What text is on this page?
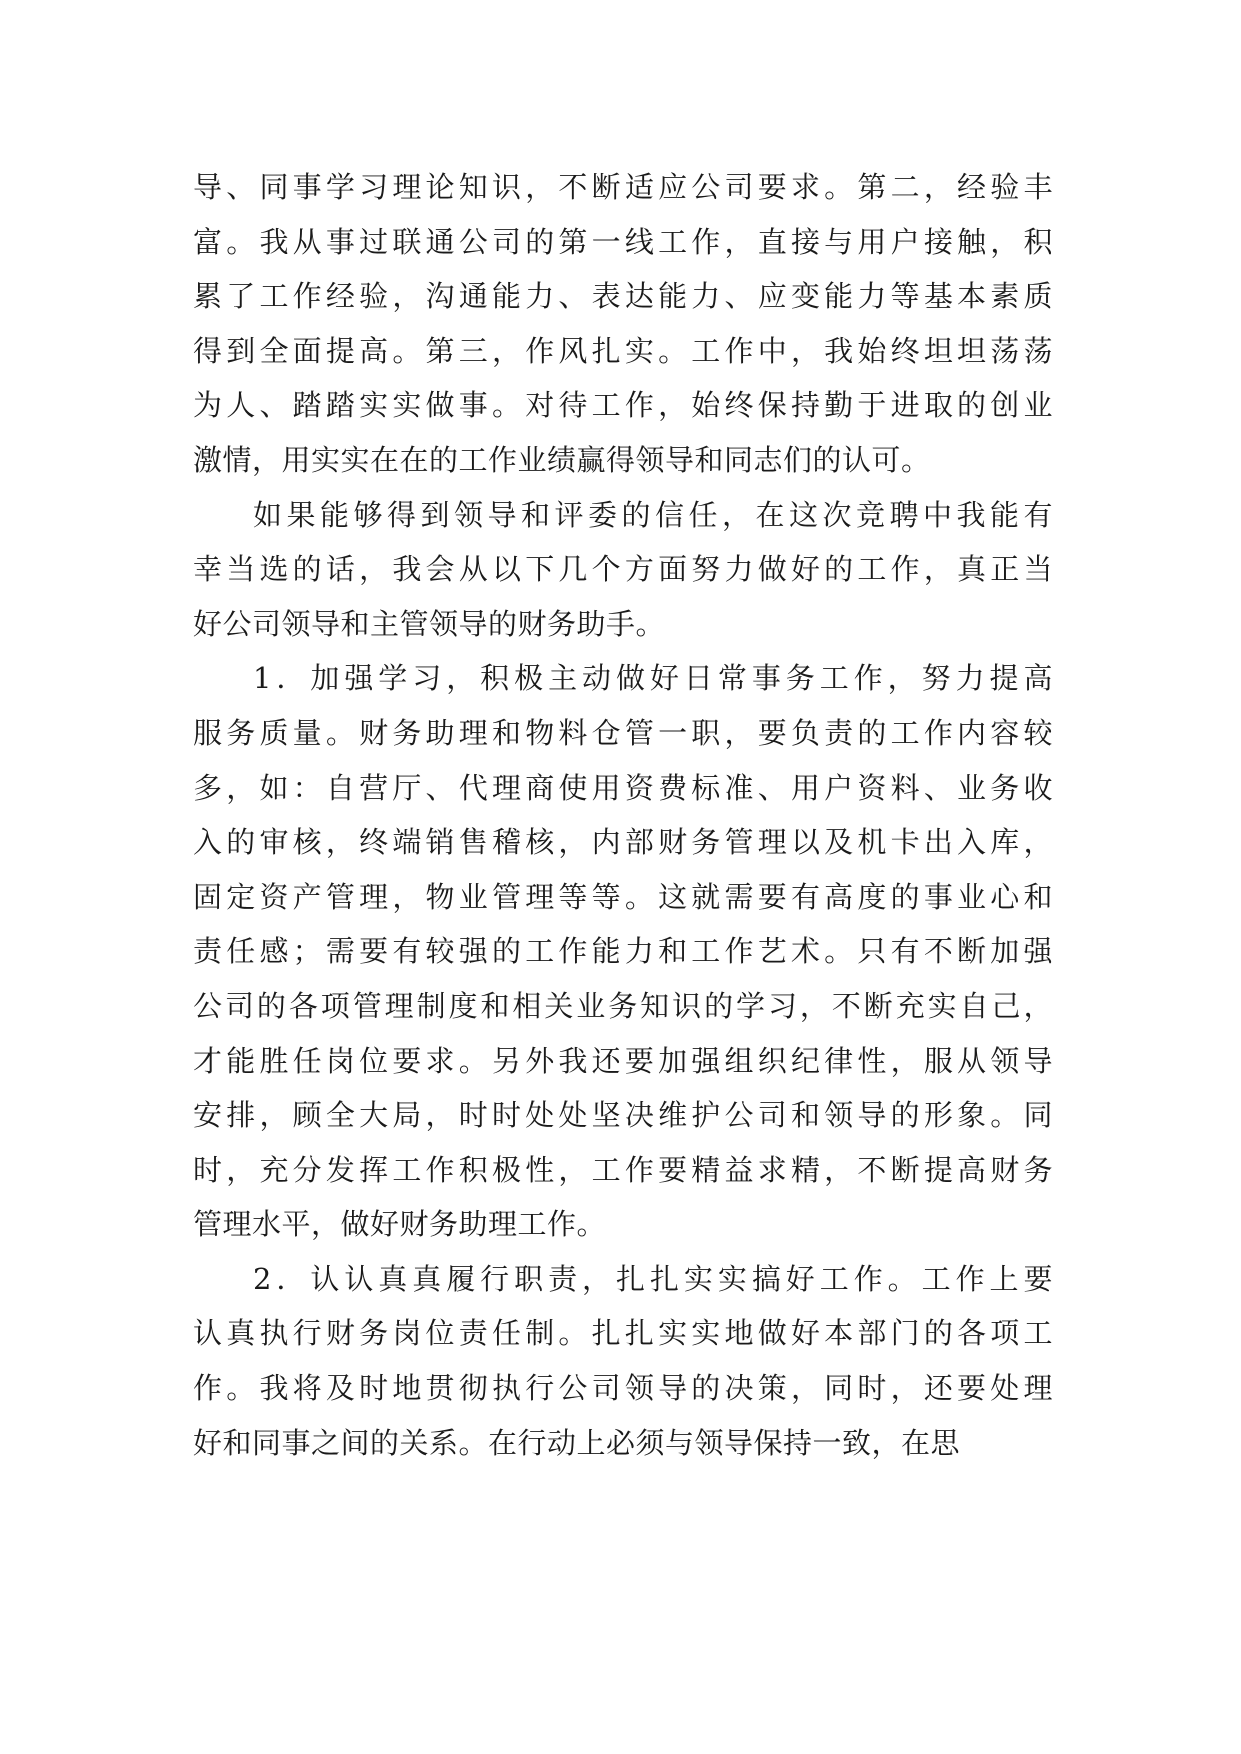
导、同事学习理论知识，不断适应公司要求。第二，经验丰
富。我从事过联通公司的第一线工作，直接与用户接触，积
累了工作经验，沟通能力、表达能力、应变能力等基本素质
得到全面提高。第三，作风扎实。工作中，我始终坦坦荡荡
为人、踏踏实实做事。对待工作，始终保持勤于进取的创业
激情，用实实在在的工作业绩赢得领导和同志们的认可。
如果能够得到领导和评委的信任，在这次竞聘中我能有
幸当选的话，我会从以下几个方面努力做好的工作，真正当
好公司领导和主管领导的财务助手。
1．加强学习，积极主动做好日常事务工作，努力提高
服务质量。财务助理和物料仓管一职，要负责的工作内容较
多，如：自营厅、代理商使用资费标准、用户资料、业务收
入的审核，终端销售稽核，内部财务管理以及机卡出入库，
固定资产管理，物业管理等等。这就需要有高度的事业心和
责任感；需要有较强的工作能力和工作艺术。只有不断加强
公司的各项管理制度和相关业务知识的学习，不断充实自己，
才能胜任岗位要求。另外我还要加强组织纪律性，服从领导
安排，顾全大局，时时处处坚决维护公司和领导的形象。同
时，充分发挥工作积极性，工作要精益求精，不断提高财务
管理水平，做好财务助理工作。
2．认认真真履行职责，扎扎实实搞好工作。工作上要
认真执行财务岗位责任制。扎扎实实地做好本部门的各项工
作。我将及时地贯彻执行公司领导的决策，同时，还要处理
好和同事之间的关系。在行动上必须与领导保持一致，在思
